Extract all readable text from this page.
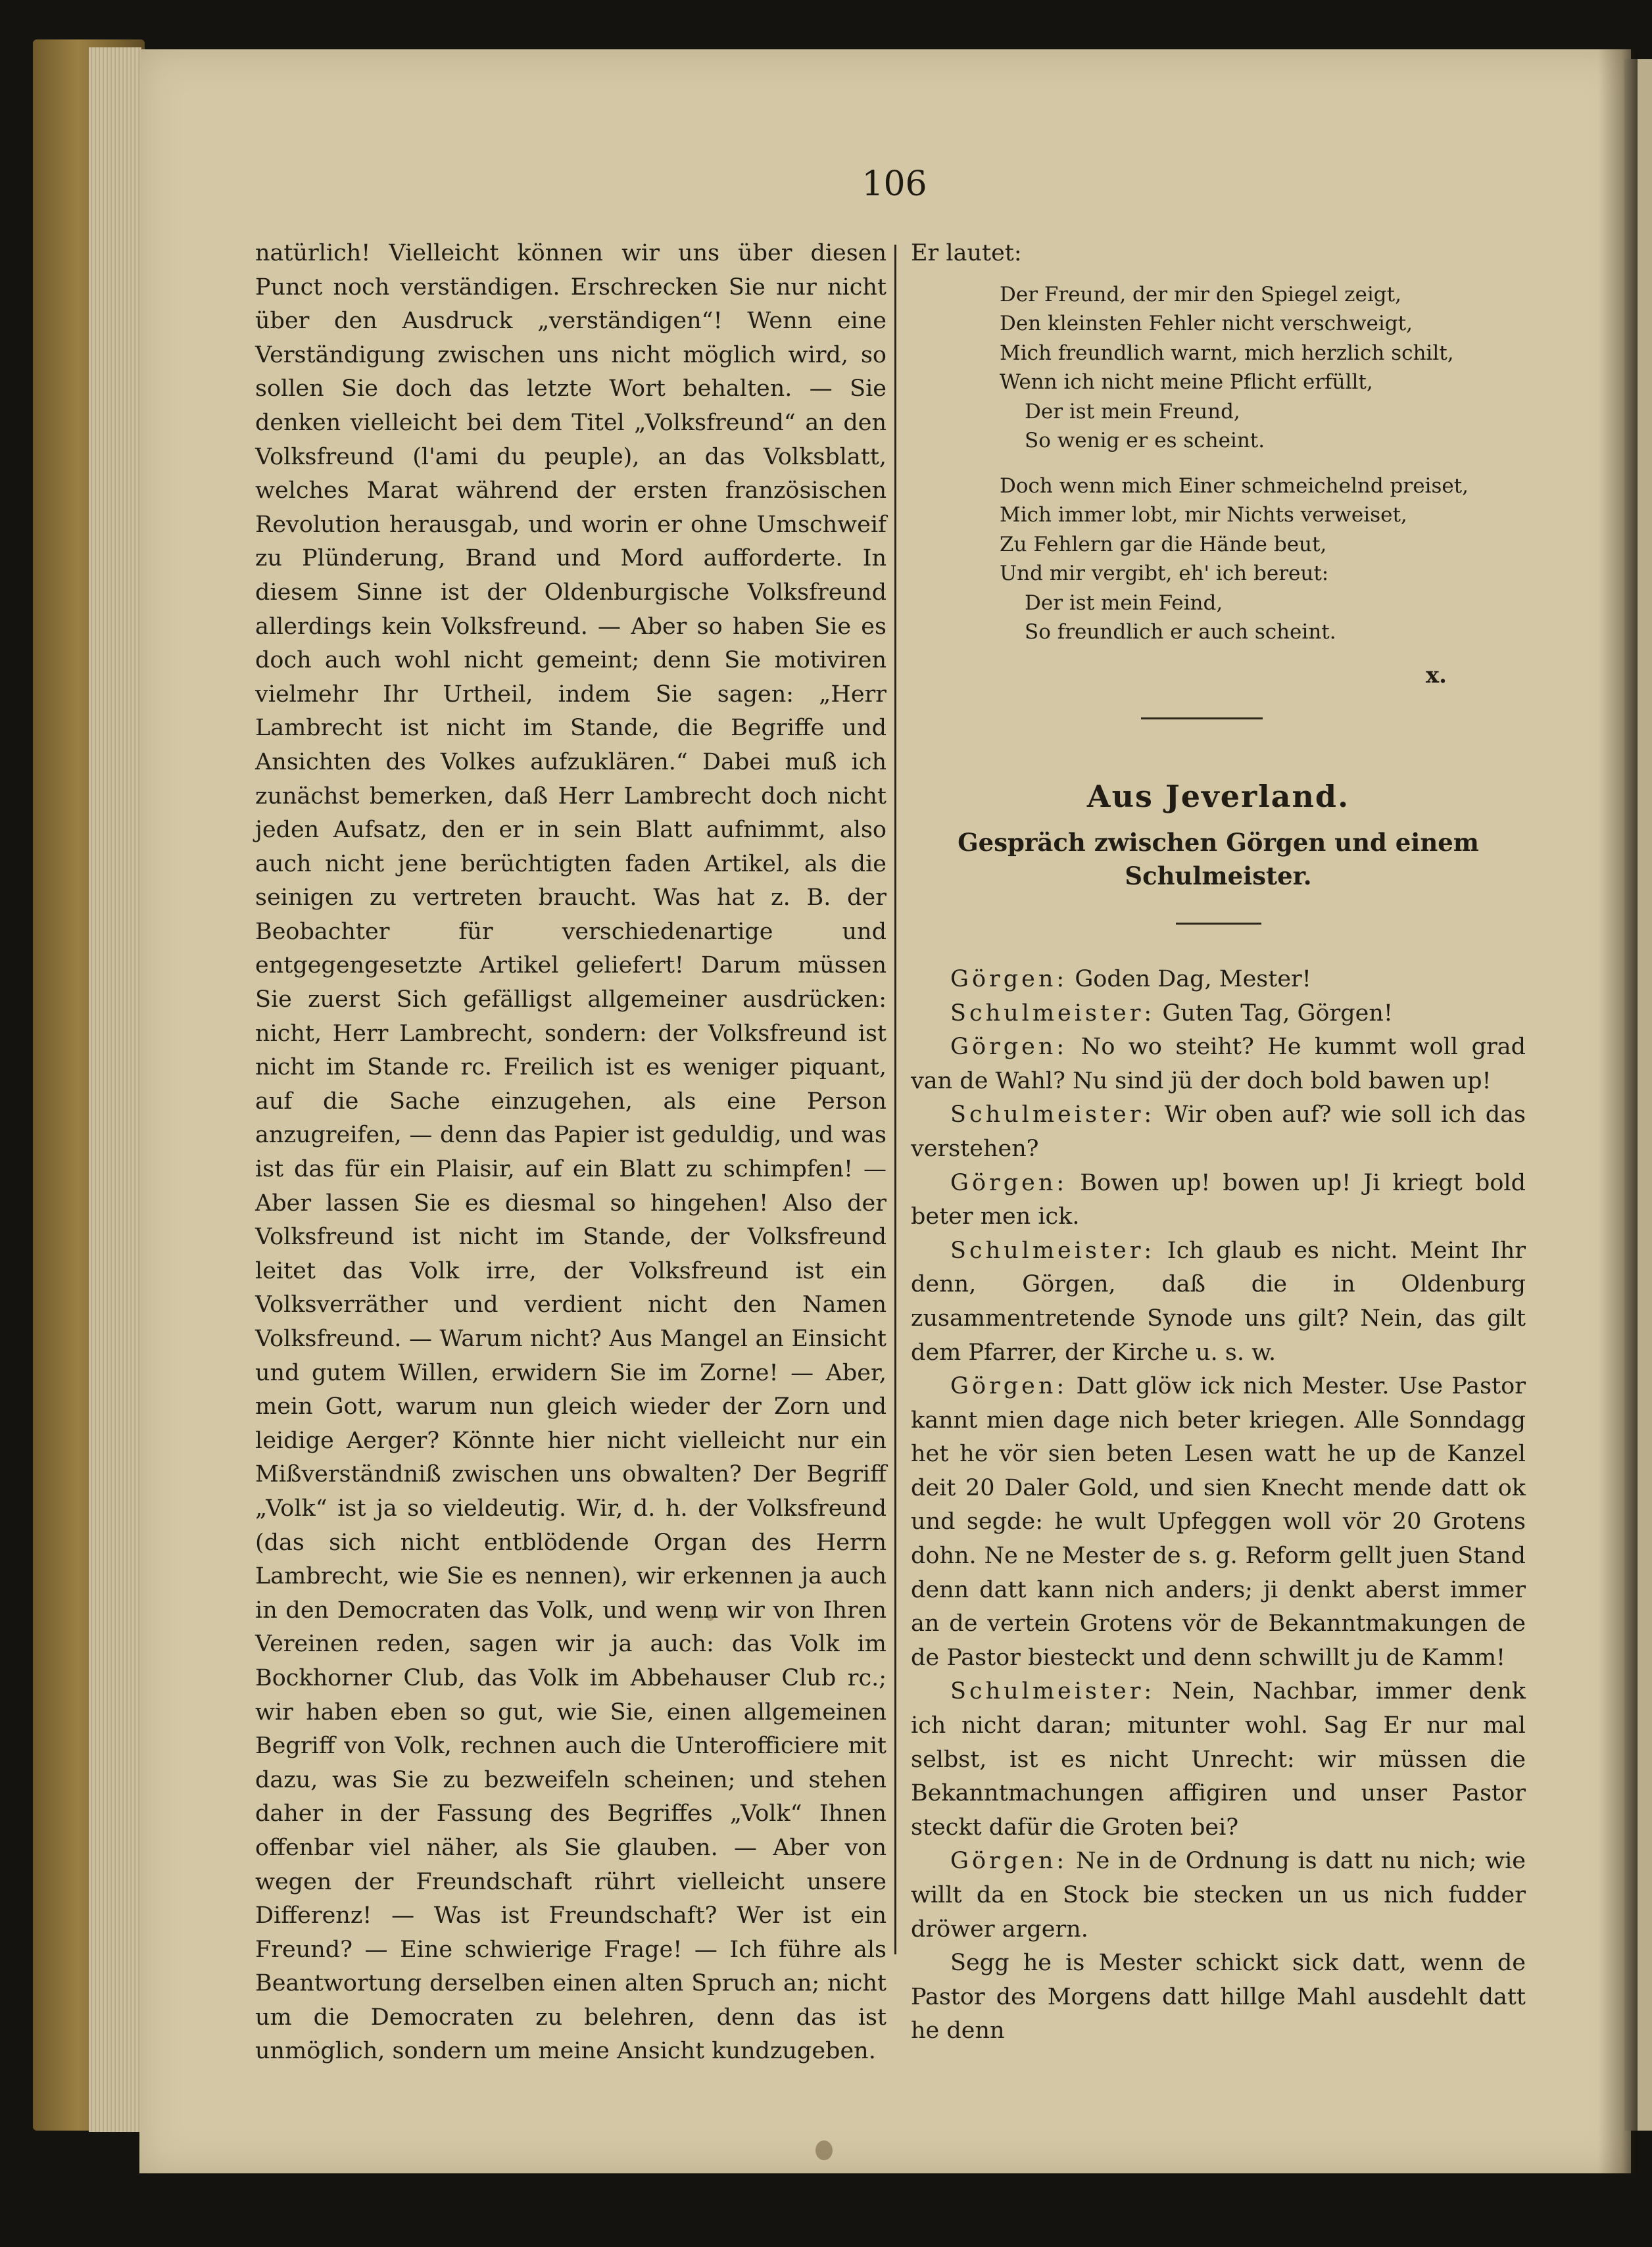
106

natürlich! Vielleicht können wir uns über diesen Punct noch verständigen. Erschrecken Sie nur nicht über den Ausdruck „verständigen“! Wenn eine Verständigung zwischen uns nicht möglich wird, so sollen Sie doch das letzte Wort behalten. — Sie denken vielleicht bei dem Titel „Volksfreund“ an den Volksfreund (l'ami du peuple), an das Volksblatt, welches Marat während der ersten französischen Revolution herausgab, und worin er ohne Umschweif zu Plünderung, Brand und Mord aufforderte. In diesem Sinne ist der Oldenburgische Volksfreund allerdings kein Volksfreund. — Aber so haben Sie es doch auch wohl nicht gemeint; denn Sie motiviren vielmehr Ihr Urtheil, indem Sie sagen: „Herr Lambrecht ist nicht im Stande, die Begriffe und Ansichten des Volkes aufzuklären.“ Dabei muß ich zunächst bemerken, daß Herr Lambrecht doch nicht jeden Aufsatz, den er in sein Blatt aufnimmt, also auch nicht jene berüchtigten faden Artikel, als die seinigen zu vertreten braucht. Was hat z. B. der Beobachter für verschiedenartige und entgegengesetzte Artikel geliefert! Darum müssen Sie zuerst Sich gefälligst allgemeiner ausdrücken: nicht, Herr Lambrecht, sondern: der Volksfreund ist nicht im Stande rc. Freilich ist es weniger piquant, auf die Sache einzugehen, als eine Person anzugreifen, — denn das Papier ist geduldig, und was ist das für ein Plaisir, auf ein Blatt zu schimpfen! — Aber lassen Sie es diesmal so hingehen! Also der Volksfreund ist nicht im Stande, der Volksfreund leitet das Volk irre, der Volksfreund ist ein Volksverräther und verdient nicht den Namen Volksfreund. — Warum nicht? Aus Mangel an Einsicht und gutem Willen, erwidern Sie im Zorne! — Aber, mein Gott, warum nun gleich wieder der Zorn und leidige Aerger? Könnte hier nicht vielleicht nur ein Mißverständniß zwischen uns obwalten? Der Begriff „Volk“ ist ja so vieldeutig. Wir, d. h. der Volksfreund (das sich nicht entblödende Organ des Herrn Lambrecht, wie Sie es nennen), wir erkennen ja auch in den Democraten das Volk, und wenn wir von Ihren Vereinen reden, sagen wir ja auch: das Volk im Bockhorner Club, das Volk im Abbehauser Club rc.; wir haben eben so gut, wie Sie, einen allgemeinen Begriff von Volk, rechnen auch die Unterofficiere mit dazu, was Sie zu bezweifeln scheinen; und stehen daher in der Fassung des Begriffes „Volk“ Ihnen offenbar viel näher, als Sie glauben. — Aber von wegen der Freundschaft rührt vielleicht unsere Differenz! — Was ist Freundschaft? Wer ist ein Freund? — Eine schwierige Frage! — Ich führe als Beantwortung derselben einen alten Spruch an; nicht um die Democraten zu belehren, denn das ist unmöglich, sondern um meine Ansicht kundzugeben.

Er lautet:

Der Freund, der mir den Spiegel zeigt,
Den kleinsten Fehler nicht verschweigt,
Mich freundlich warnt, mich herzlich schilt,
Wenn ich nicht meine Pflicht erfüllt,
Der ist mein Freund,
So wenig er es scheint.
Doch wenn mich Einer schmeichelnd preiset,
Mich immer lobt, mir Nichts verweiset,
Zu Fehlern gar die Hände beut,
Und mir vergibt, eh' ich bereut:
Der ist mein Feind,
So freundlich er auch scheint.
x.
Aus Jeverland.
Gespräch zwischen Görgen und einem Schulmeister.

Görgen: Goden Dag, Mester!

Schulmeister: Guten Tag, Görgen!

Görgen: No wo steiht? He kummt woll grad van de Wahl? Nu sind jü der doch bold bawen up!

Schulmeister: Wir oben auf? wie soll ich das verstehen?

Görgen: Bowen up! bowen up! Ji kriegt bold beter men ick.

Schulmeister: Ich glaub es nicht. Meint Ihr denn, Görgen, daß die in Oldenburg zusammentretende Synode uns gilt? Nein, das gilt dem Pfarrer, der Kirche u. s. w.

Görgen: Datt glöw ick nich Mester. Use Pastor kannt mien dage nich beter kriegen. Alle Sonndagg het he vör sien beten Lesen watt he up de Kanzel deit 20 Daler Gold, und sien Knecht mende datt ok und segde: he wult Upfeggen woll vör 20 Grotens dohn. Ne ne Mester de s. g. Reform gellt juen Stand denn datt kann nich anders; ji denkt aberst immer an de vertein Grotens vör de Bekanntmakungen de de Pastor biesteckt und denn schwillt ju de Kamm!

Schulmeister: Nein, Nachbar, immer denk ich nicht daran; mitunter wohl. Sag Er nur mal selbst, ist es nicht Unrecht: wir müssen die Bekanntmachungen affigiren und unser Pastor steckt dafür die Groten bei?

Görgen: Ne in de Ordnung is datt nu nich; wie willt da en Stock bie stecken un us nich fudder dröwer argern.

Segg he is Mester schickt sick datt, wenn de Pastor des Morgens datt hillge Mahl ausdehlt datt he denn
